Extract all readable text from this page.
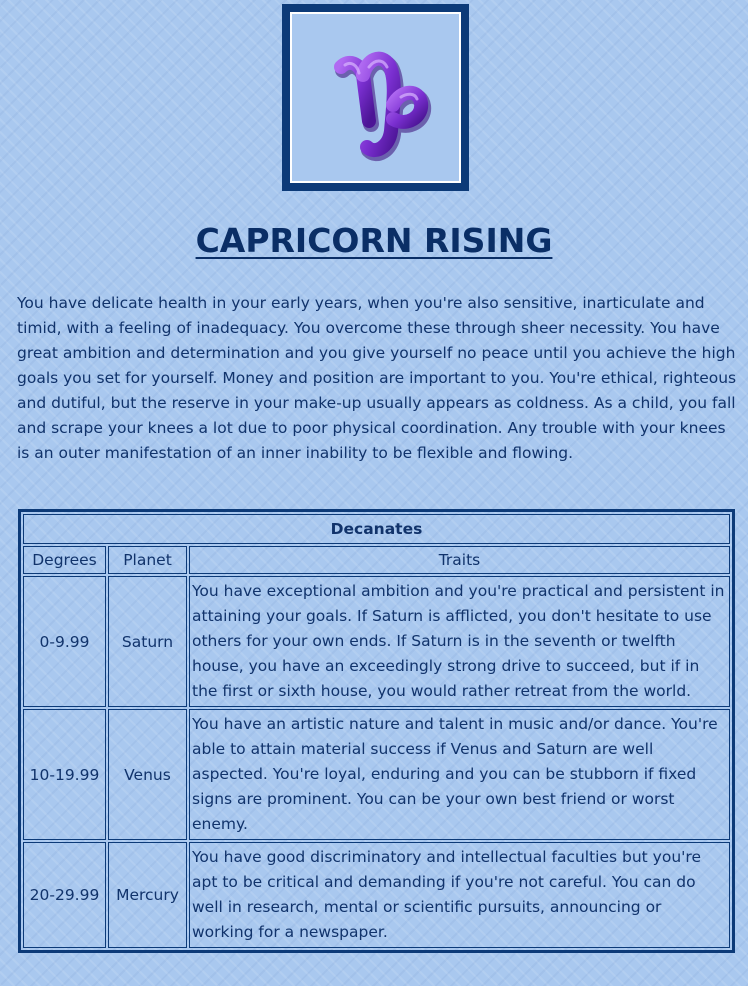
CAPRICORN RISING

You have delicate health in your early years, when you're also sensitive, inarticulate and timid, with a feeling of inadequacy. You overcome these through sheer necessity. You have great ambition and determination and you give yourself no peace until you achieve the high goals you set for yourself. Money and position are important to you. You're ethical, righteous and dutiful, but the reserve in your make-up usually appears as coldness. As a child, you fall and scrape your knees a lot due to poor physical coordination. Any trouble with your knees is an outer manifestation of an inner inability to be flexible and flowing.

Decanates		
Degrees	Planet	Traits
0-9.99	Saturn	You have exceptional ambition and you're practical and persistent in attaining your goals. If Saturn is afflicted, you don't hesitate to use others for your own ends. If Saturn is in the seventh or twelfth house, you have an exceedingly strong drive to succeed, but if in the first or sixth house, you would rather retreat from the world.
10-19.99	Venus	You have an artistic nature and talent in music and/or dance. You're able to attain material success if Venus and Saturn are well aspected. You're loyal, enduring and you can be stubborn if fixed signs are prominent. You can be your own best friend or worst enemy.
20-29.99	Mercury	You have good discriminatory and intellectual faculties but you're apt to be critical and demanding if you're not careful. You can do well in research, mental or scientific pursuits, announcing or working for a newspaper.
